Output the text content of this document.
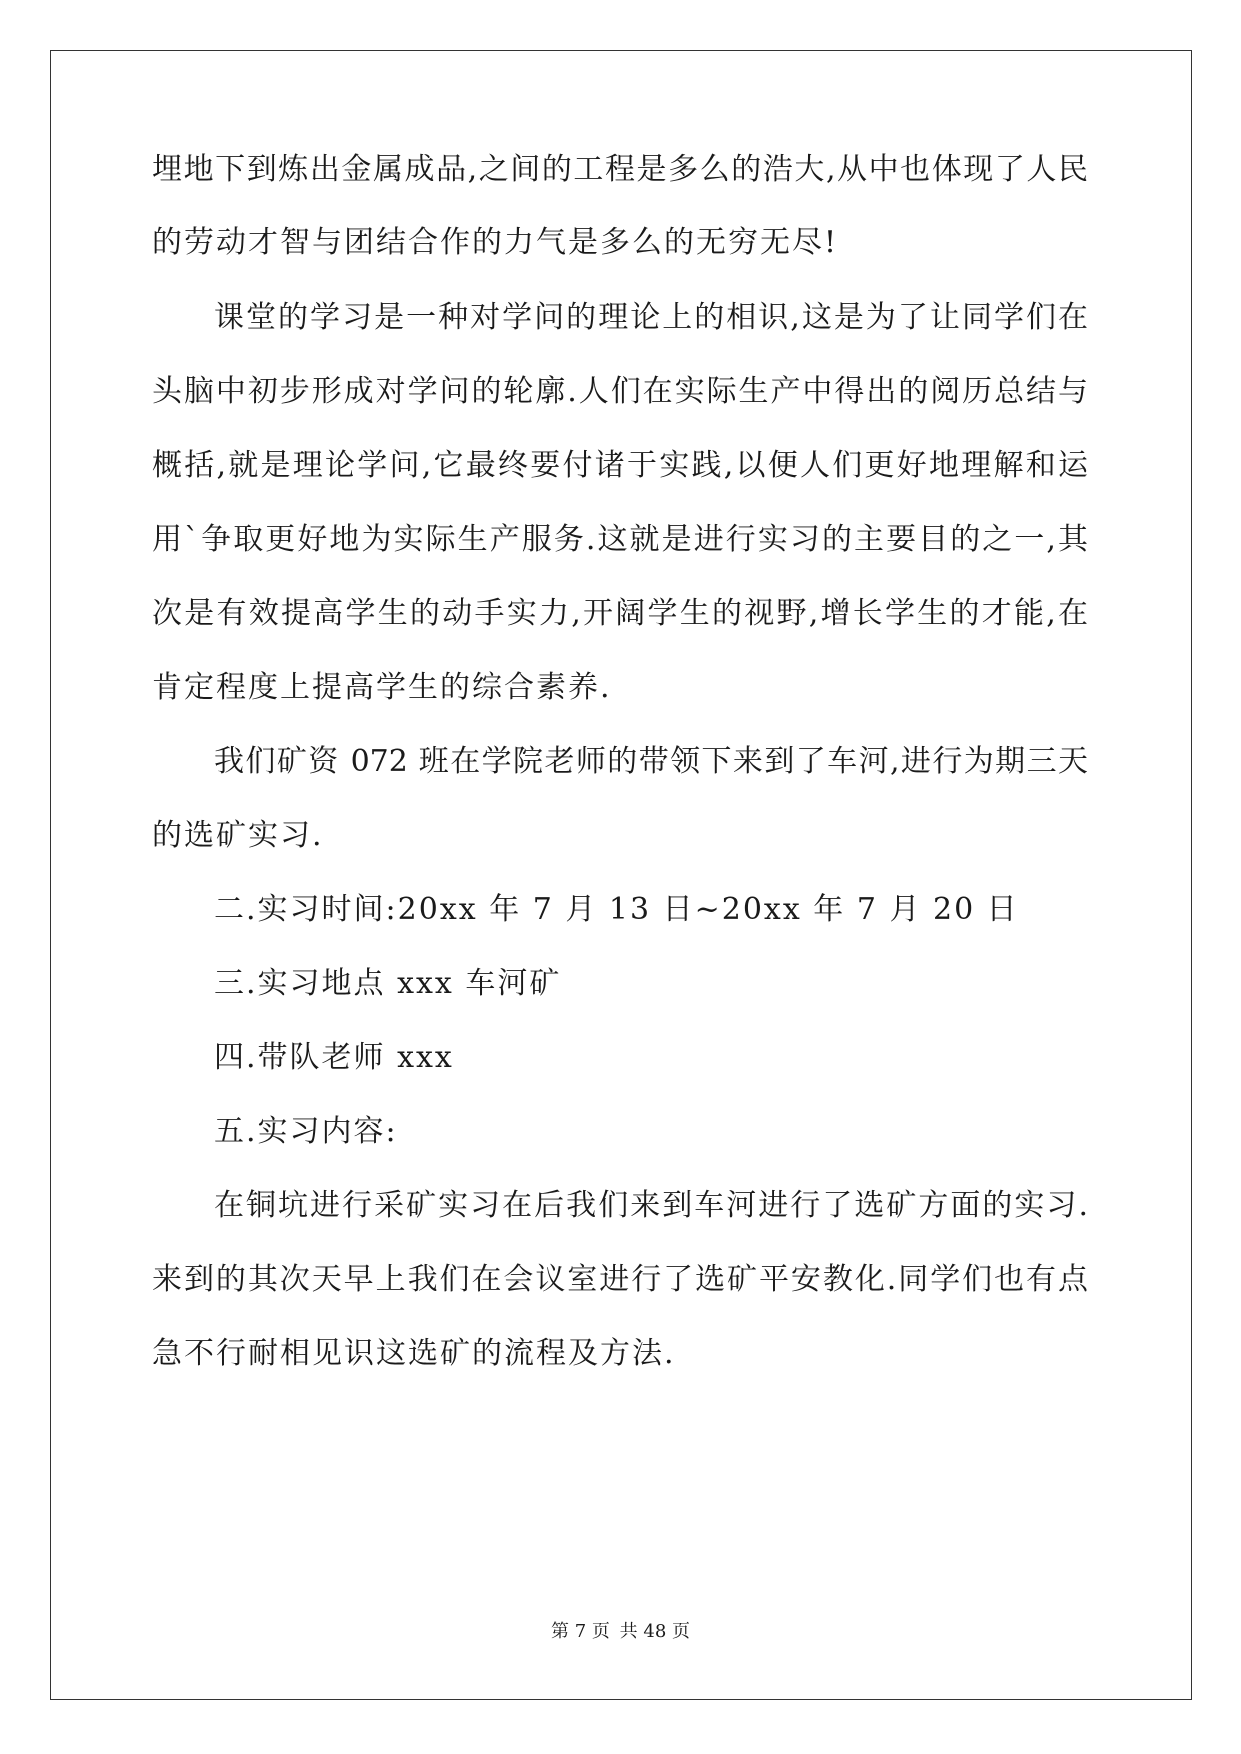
埋地下到炼出金属成品,之间的工程是多么的浩大,从中也体现了人民
的劳动才智与团结合作的力气是多么的无穷无尽!
课堂的学习是一种对学问的理论上的相识,这是为了让同学们在
头脑中初步形成对学问的轮廓.人们在实际生产中得出的阅历总结与
概括,就是理论学问,它最终要付诸于实践,以便人们更好地理解和运
用`争取更好地为实际生产服务.这就是进行实习的主要目的之一,其
次是有效提高学生的动手实力,开阔学生的视野,增长学生的才能,在
肯定程度上提高学生的综合素养.
我们矿资 072 班在学院老师的带领下来到了车河,进行为期三天
的选矿实习.
二.实习时间:20xx 年 7 月 13 日~20xx 年 7 月 20 日
三.实习地点 xxx 车河矿
四.带队老师 xxx
五.实习内容:
在铜坑进行采矿实习在后我们来到车河进行了选矿方面的实习.
来到的其次天早上我们在会议室进行了选矿平安教化.同学们也有点
急不行耐相见识这选矿的流程及方法.
第 7 页 共 48 页
